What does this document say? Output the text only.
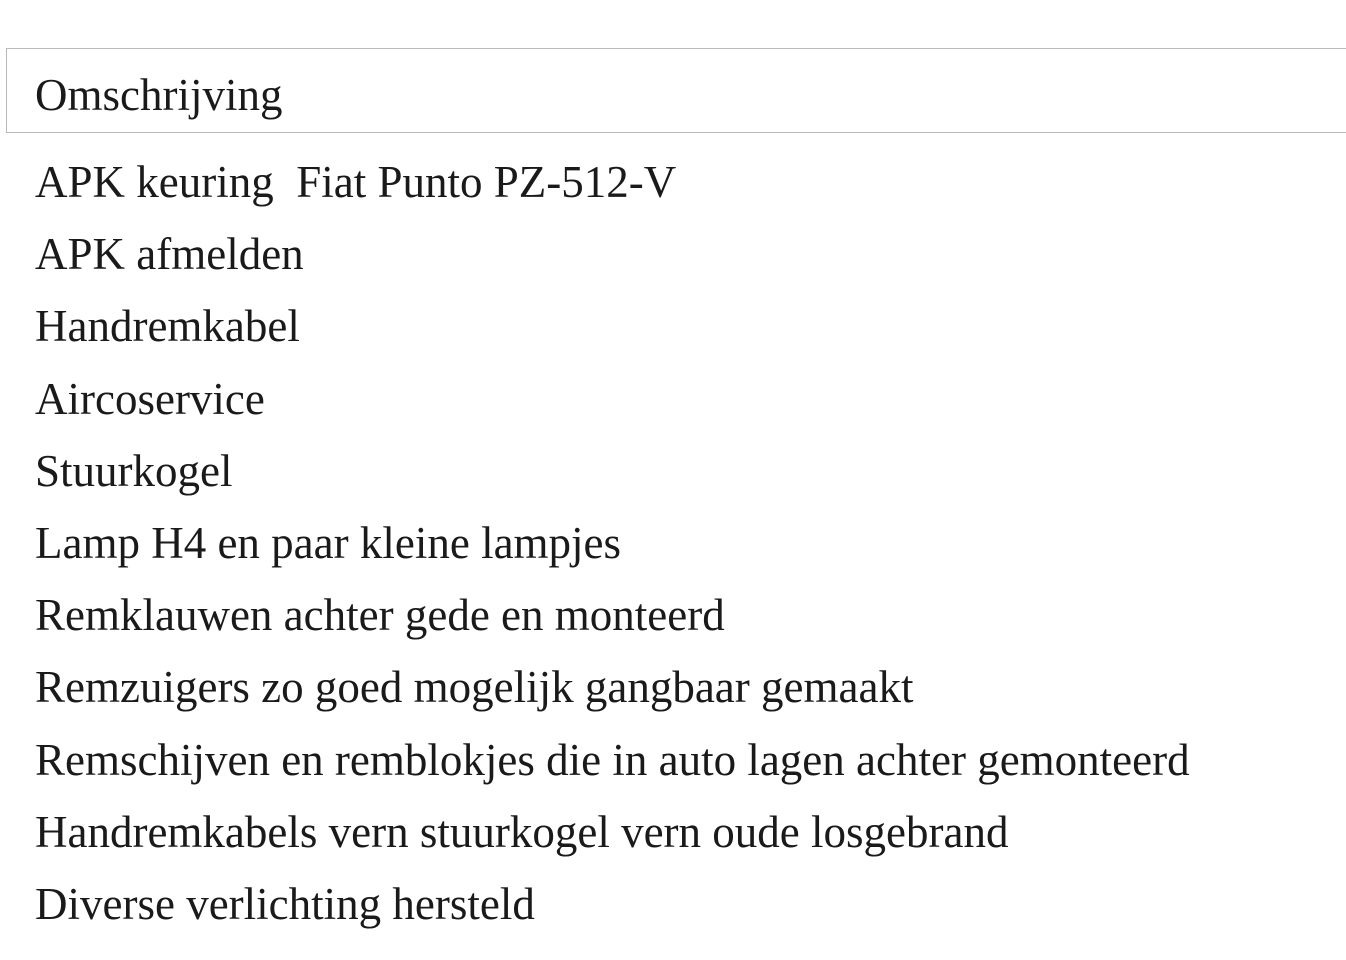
Omschrijving
APK keuring  Fiat Punto PZ-512-V
APK afmelden
Handremkabel
Aircoservice
Stuurkogel
Lamp H4 en paar kleine lampjes
Remklauwen achter gede en monteerd
Remzuigers zo goed mogelijk gangbaar gemaakt
Remschijven en remblokjes die in auto lagen achter gemonteerd
Handremkabels vern stuurkogel vern oude losgebrand
Diverse verlichting hersteld
